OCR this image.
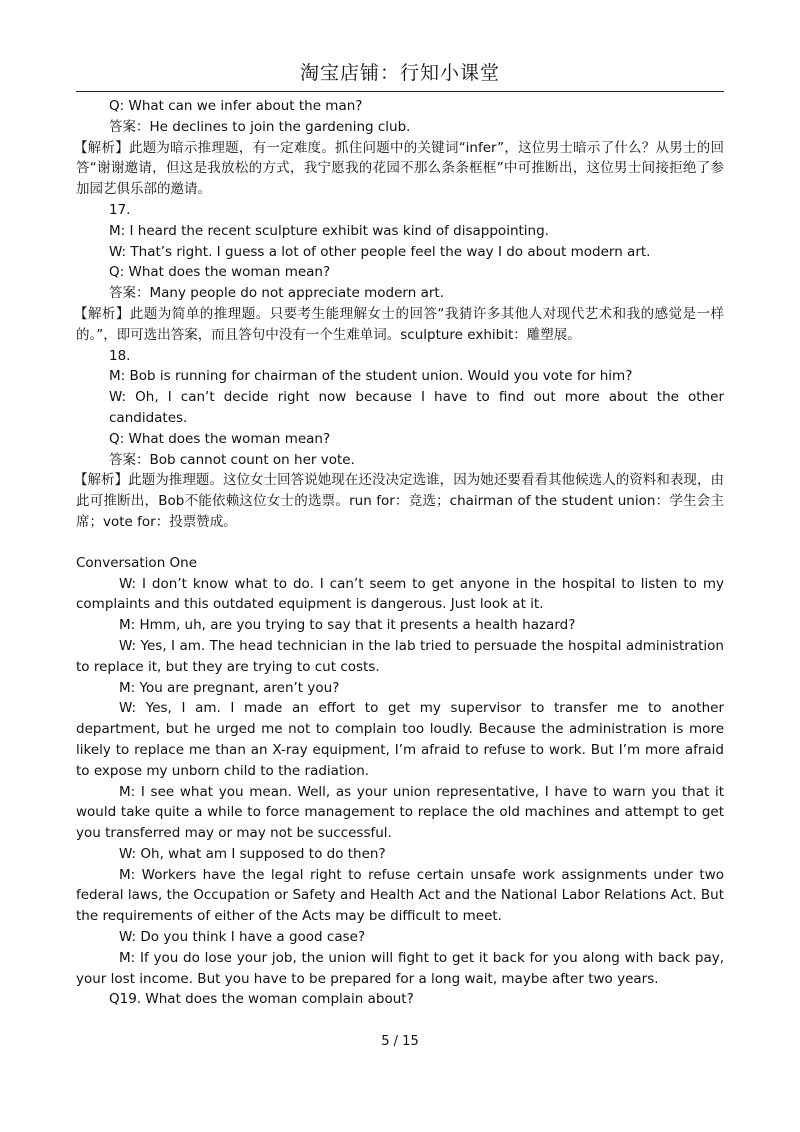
淘宝店铺：行知小课堂

Q: What can we infer about the man?

答案：He declines to join the gardening club.

【解析】此题为暗示推理题，有一定难度。抓住问题中的关键词“infer”，这位男士暗示了什么？从男士的回答“谢谢邀请，但这是我放松的方式，我宁愿我的花园不那么条条框框”中可推断出，这位男士间接拒绝了参加园艺俱乐部的邀请。

17.

M: I heard the recent sculpture exhibit was kind of disappointing.

W: That’s right. I guess a lot of other people feel the way I do about modern art.

Q: What does the woman mean?

答案：Many people do not appreciate modern art.

【解析】此题为简单的推理题。只要考生能理解女士的回答“我猜许多其他人对现代艺术和我的感觉是一样的。”，即可选出答案，而且答句中没有一个生难单词。sculpture exhibit：雕塑展。

18.

M: Bob is running for chairman of the student union. Would you vote for him?

W: Oh, I can’t decide right now because I have to find out more about the other candidates.

Q: What does the woman mean?

答案：Bob cannot count on her vote.

【解析】此题为推理题。这位女士回答说她现在还没决定选谁，因为她还要看看其他候选人的资料和表现，由此可推断出，Bob不能依赖这位女士的选票。run for：竞选；chairman of the student union：学生会主席；vote for：投票赞成。

Conversation One

W: I don’t know what to do. I can’t seem to get anyone in the hospital to listen to my complaints and this outdated equipment is dangerous. Just look at it.

M: Hmm, uh, are you trying to say that it presents a health hazard?

W: Yes, I am. The head technician in the lab tried to persuade the hospital administration to replace it, but they are trying to cut costs.

M: You are pregnant, aren’t you?

W: Yes, I am. I made an effort to get my supervisor to transfer me to another department, but he urged me not to complain too loudly. Because the administration is more likely to replace me than an X-ray equipment, I’m afraid to refuse to work. But I’m more afraid to expose my unborn child to the radiation.

M: I see what you mean. Well, as your union representative, I have to warn you that it would take quite a while to force management to replace the old machines and attempt to get you transferred may or may not be successful.

W: Oh, what am I supposed to do then?

M: Workers have the legal right to refuse certain unsafe work assignments under two federal laws, the Occupation or Safety and Health Act and the National Labor Relations Act. But the requirements of either of the Acts may be difficult to meet.

W: Do you think I have a good case?

M: If you do lose your job, the union will fight to get it back for you along with back pay, your lost income. But you have to be prepared for a long wait, maybe after two years.

Q19. What does the woman complain about?

5 / 15
